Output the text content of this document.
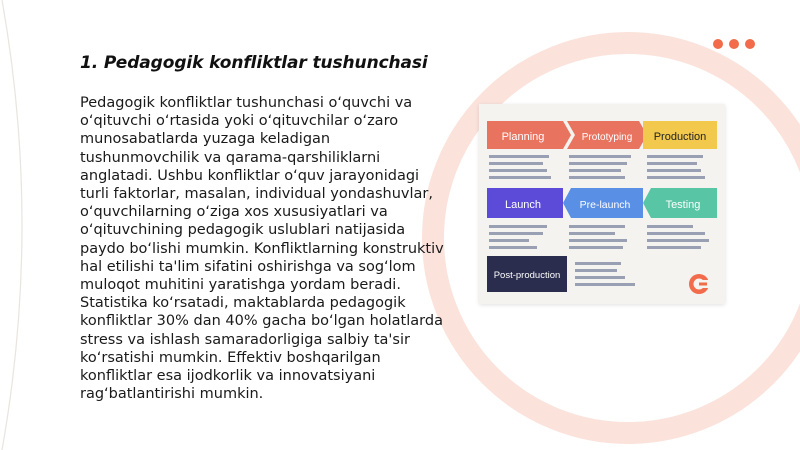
1. Pedagogik konfliktlar tushunchasi
Pedagogik konfliktlar tushunchasi o‘quvchi va o‘qituvchi o‘rtasida yoki o‘qituvchilar o‘zaro munosabatlarda yuzaga keladigan tushunmovchilik va qarama-qarshiliklarni anglatadi. Ushbu konfliktlar o‘quv jarayonidagi turli faktorlar, masalan, individual yondashuvlar, o‘quvchilarning o‘ziga xos xususiyatlari va o‘qituvchining pedagogik uslublari natijasida paydo bo‘lishi mumkin. Konfliktlarning konstruktiv hal etilishi ta'lim sifatini oshirishga va sog‘lom muloqot muhitini yaratishga yordam beradi. Statistika ko‘rsatadi, maktablarda pedagogik konfliktlar 30% dan 40% gacha bo‘lgan holatlarda stress va ishlash samaradorligiga salbiy ta'sir ko‘rsatishi mumkin. Effektiv boshqarilgan konfliktlar esa ijodkorlik va innovatsiyani rag‘batlantirishi mumkin.
Planning	Prototyping Production
Launch	Pre-launch	Testing
Post-production
